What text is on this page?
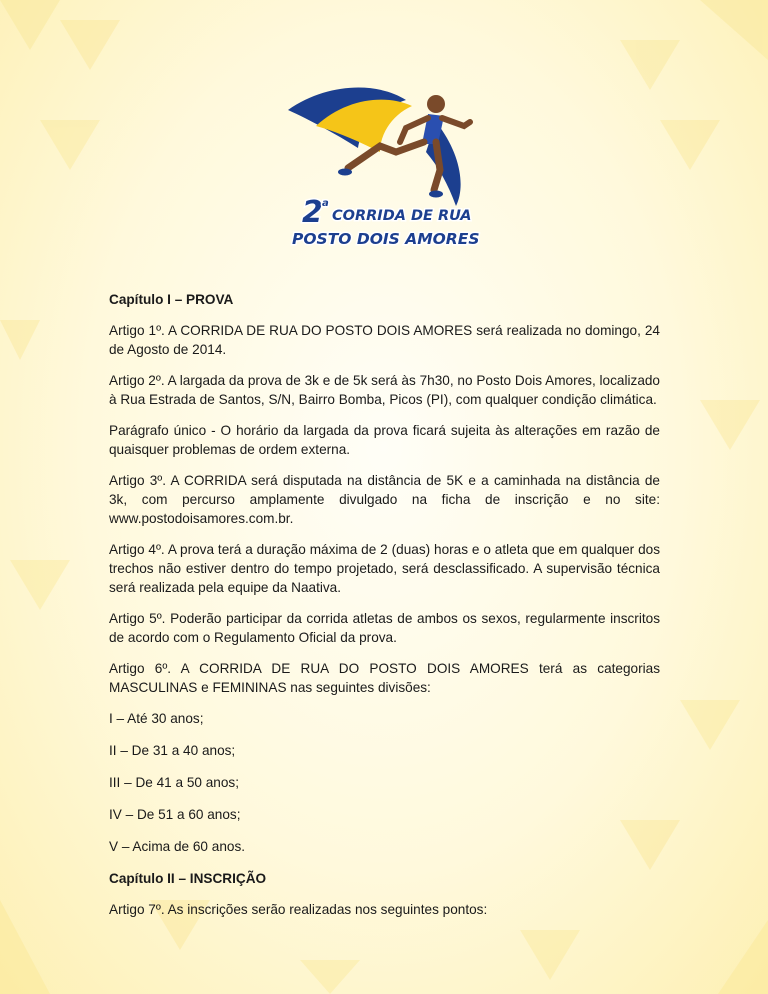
2 a
CORRIDA DE RUA
POSTO DOIS AMORES

Capítulo I – PROVA

Artigo 1º. A CORRIDA DE RUA DO POSTO DOIS AMORES será realizada no domingo, 24 de Agosto de 2014.

Artigo 2º. A largada da prova de 3k e de 5k será às 7h30, no Posto Dois Amores, localizado à Rua Estrada de Santos, S/N, Bairro Bomba, Picos (PI), com qualquer condição climática.

Parágrafo único - O horário da largada da prova ficará sujeita às alterações em razão de quaisquer problemas de ordem externa.

Artigo 3º. A CORRIDA será disputada na distância de 5K e a caminhada na distância de 3k, com percurso amplamente divulgado na ficha de inscrição e no site: www.postodoisamores.com.br.

Artigo 4º. A prova terá a duração máxima de 2 (duas) horas e o atleta que em qualquer dos trechos não estiver dentro do tempo projetado, será desclassificado. A supervisão técnica será realizada pela equipe da Naativa.

Artigo 5º. Poderão participar da corrida atletas de ambos os sexos, regularmente inscritos de acordo com o Regulamento Oficial da prova.

Artigo 6º. A CORRIDA DE RUA DO POSTO DOIS AMORES terá as categorias MASCULINAS e FEMININAS nas seguintes divisões:

I – Até 30 anos;

II – De 31 a 40 anos;

III – De 41 a 50 anos;

IV – De 51 a 60 anos;

V – Acima de 60 anos.

Capítulo II – INSCRIÇÃO

Artigo 7º. As inscrições serão realizadas nos seguintes pontos:
